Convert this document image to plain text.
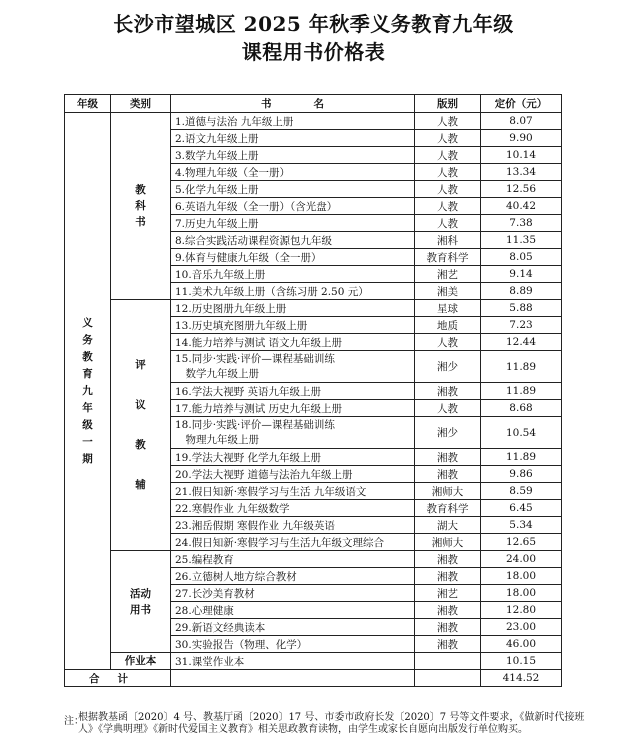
长沙市望城区 2025 年秋季义务教育九年级
课程用书价格表
年级	类别	书　　　　名	版别	定价（元）
义务教育九年级一期	教科书	1.道德与法治 九年级上册	人教	8.07
		2.语文九年级上册	人教	9.90
		3.数学九年级上册	人教	10.14
		4.物理九年级（全一册）	人教	13.34
		5.化学九年级上册	人教	12.56
		6.英语九年级（全一册）（含光盘）	人教	40.42
		7.历史九年级上册	人教	7.38
		8.综合实践活动课程资源包九年级	湘科	11.35
		9.体育与健康九年级（全一册）	教育科学	8.05
		10.音乐九年级上册	湘艺	9.14
		11.美术九年级上册（含练习册 2.50 元）	湘美	8.89
	评议教辅	12.历史图册九年级上册	星球	5.88
		13.历史填充图册九年级上册	地质	7.23
		14.能力培养与测试 语文九年级上册	人教	12.44
		15.同步·实践·评价—课程基础训练
　数学九年级上册	湘少	11.89
		16.学法大视野 英语九年级上册	湘教	11.89
		17.能力培养与测试 历史九年级上册	人教	8.68
		18.同步·实践·评价—课程基础训练
　物理九年级上册	湘少	10.54
		19.学法大视野 化学九年级上册	湘教	11.89
		20.学法大视野 道德与法治九年级上册	湘教	9.86
		21.假日知新·寒假学习与生活 九年级语文	湘师大	8.59
		22.寒假作业 九年级数学	教育科学	6.45
		23.湘岳假期 寒假作业 九年级英语	湖大	5.34
		24.假日知新·寒假学习与生活九年级文理综合	湘师大	12.65
	活动用书	25.编程教育	湘教	24.00
		26.立德树人地方综合教材	湘教	18.00
		27.长沙美育教材	湘艺	18.00
		28.心理健康	湘教	12.80
		29.新语文经典读本	湘教	23.00
		30.实验报告（物理、化学）	湘教	46.00
	作业本	31.课堂作业本		10.15
合计				414.52
注：
根据教基函〔2020〕4 号、教基厅函〔2020〕17 号、市委市政府长发〔2020〕7 号等文件要求，《做新时代接班人》《学典明理》《新时代爱国主义教育》相关思政教育读物，由学生或家长自愿向出版发行单位购买。
